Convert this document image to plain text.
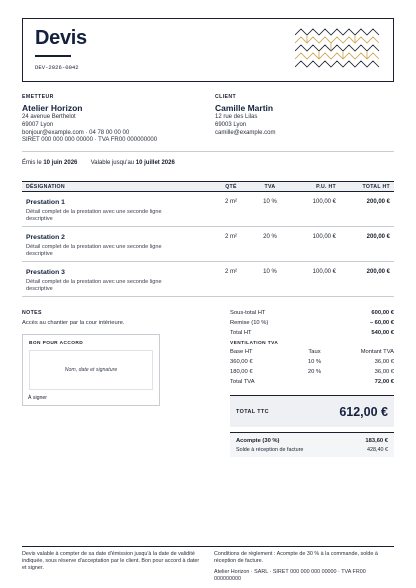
Devis
DEV-2026-0042
EMETTEUR
Atelier Horizon
24 avenue Berthelot
69007 Lyon
bonjour@example.com · 04 78 00 00 00
SIRET 000 000 000 00000 · TVA FR00 000000000
CLIENT
Camille Martin
12 rue des Lilas
69003 Lyon
camille@example.com
Émis le 10 juin 2026 Valable jusqu'au 10 juillet 2026
DÉSIGNATION	QTÉ	TVA	P.U. HT	TOTAL HT

Prestation 1
Détail complet de la prestation avec une seconde ligne descriptive	2 m²	10 %	100,00 €	200,00 €

Prestation 2
Détail complet de la prestation avec une seconde ligne descriptive	2 m²	20 %	100,00 €	200,00 €

Prestation 3
Détail complet de la prestation avec une seconde ligne descriptive	2 m²	10 %	100,00 €	200,00 €
NOTES
Accès au chantier par la cour intérieure.
BON POUR ACCORD
Nom, date et signature
À signer
Sous-total HT	600,00 €
Remise (10 %)	– 60,00 €
Total HT	540,00 €
VENTILATION TVA
Base HT	Taux	Montant TVA
360,00 €	10 %	36,00 €
180,00 €	20 %	36,00 €
Total TVA	72,00 €
TOTAL TTC	612,00 €
Acompte (30 %)	183,60 €
Solde à réception de facture	428,40 €
Devis valable à compter de sa date d'émission jusqu'à la date de validité indiquée, sous réserve d'acceptation par le client. Bon pour accord à dater et signer.
Conditions de règlement : Acompte de 30 % à la commande, solde à réception de facture.
Atelier Horizon · SARL · SIRET 000 000 000 00000 · TVA FR00 000000000
